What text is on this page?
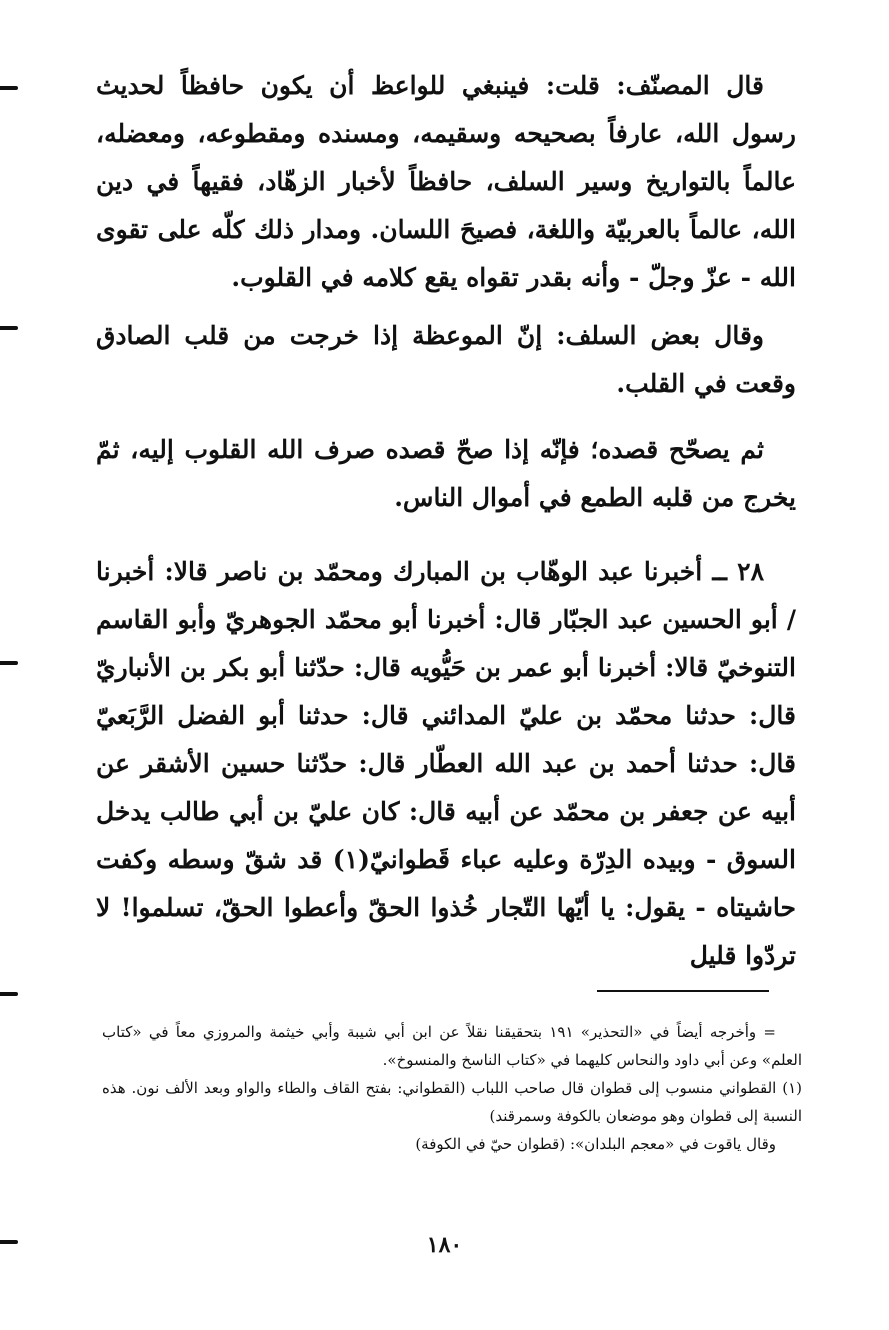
قال المصنّف: قلت: فينبغي للواعظ أن يكون حافظاً لحديث رسول الله، عارفاً بصحيحه وسقيمه، ومسنده ومقطوعه، ومعضله، عالماً بالتواريخ وسير السلف، حافظاً لأخبار الزهّاد، فقيهاً في دين الله، عالماً بالعربيّة واللغة، فصيحَ اللسان. ومدار ذلك كلّه على تقوى الله - عزّ وجلّ - وأنه بقدر تقواه يقع كلامه في القلوب.

وقال بعض السلف: إنّ الموعظة إذا خرجت من قلب الصادق وقعت في القلب.

ثم يصحّح قصده؛ فإنّه إذا صحّ قصده صرف الله القلوب إليه، ثمّ يخرج من قلبه الطمع في أموال الناس.

٢٨ ــ أخبرنا عبد الوهّاب بن المبارك ومحمّد بن ناصر قالا: أخبرنا / أبو الحسين عبد الجبّار قال: أخبرنا أبو محمّد الجوهريّ وأبو القاسم التنوخيّ قالا: أخبرنا أبو عمر بن حَيُّويه قال: حدّثنا أبو بكر بن الأنباريّ قال: حدثنا محمّد بن عليّ المدائني قال: حدثنا أبو الفضل الرَّبَعيّ قال: حدثنا أحمد بن عبد الله العطّار قال: حدّثنا حسين الأشقر عن أبيه عن جعفر بن محمّد عن أبيه قال: كان عليّ بن أبي طالب يدخل السوق - وبيده الدِرّة وعليه عباء قَطوانيّ(١) قد شقّ وسطه وكفت حاشيتاه - يقول: يا أيّها التّجار خُذوا الحقّ وأعطوا الحقّ، تسلموا! لا تردّوا قليل

= وأخرجه أيضاً في «التحذير» ١٩١ بتحقيقنا نقلاً عن ابن أبي شيبة وأبي خيثمة والمروزي معاً في «كتاب العلم» وعن أبي داود والنحاس كليهما في «كتاب الناسخ والمنسوخ».

(١) القطواني منسوب إلى قطوان قال صاحب اللباب (القطواني: بفتح القاف والطاء والواو وبعد الألف نون. هذه النسبة إلى قطوان وهو موضعان بالكوفة وسمرقند)

وقال ياقوت في «معجم البلدان»: (قطوان حيّ في الكوفة)

١٨٠
